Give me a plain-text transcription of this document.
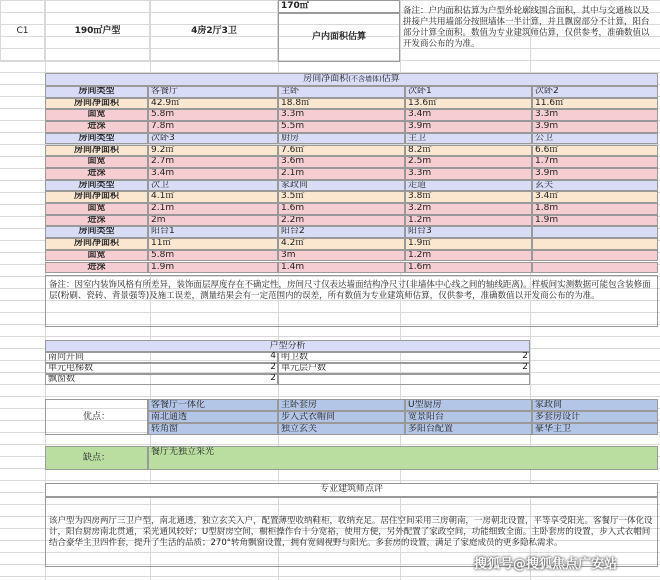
C1	190㎡户型	4房2厅3卫
170㎡
户内面积估算
备注：户内面积估算为户型外轮廓线围合面积，其中与交通核以及拼接户共用墙部分按照墙体一半计算，并且飘窗部分不计算，阳台部分计算全面积。数值为专业建筑师估算，仅供参考，准确数值以开发商公布的为准。
房间净面积(不含墙体)估算
房间类型	客餐厅	主卧	次卧1	次卧2
房间净面积	42.9㎡	18.8㎡	13.6㎡	11.6㎡
面宽	5.8m	3.3m	3.4m	3.3m
进深	7.8m	5.5m	3.9m	3.9m
房间类型	次卧3	厨房	主卫	公卫
房间净面积	9.2㎡	7.6㎡	8.2㎡	6.6㎡
面宽	2.7m	3.6m	2.5m	1.7m
进深	3.4m	2.1m	3.3m	3.9m
房间类型	次卫	家政间	走道	玄关
房间净面积	4.1㎡	3.5㎡	3.8㎡	3.4㎡
面宽	2.1m	1.6m	3.2m	1.8m
进深	2m	2.2m	1.2m	1.9m
房间类型	阳台1	阳台2	阳台3
房间净面积	11㎡	4.2㎡	1.9㎡
面宽	5.8m	3m	1.2m
进深	1.9m	1.4m	1.6m
备注：因室内装饰风格有所差异，装饰面层厚度存在不确定性，房间尺寸仅表达墙面结构净尺寸(非墙体中心线之间的轴线距离)。样板间实测数据可能包含装修面层(粉刷、瓷砖、背景强等)及施工误差，测量结果会有一定范围内的误差，所有数值为专业建筑师估算，仅供参考，准确数值以开发商公布的为准。
户型分析
南向开间	4 明卫数	2
单元电梯数	2 单元层户数	2
飘窗数	2
优点：
客餐厅一体化	主卧套房	U型厨房	家政间
南北通透	步入式衣帽间	宽景阳台	多套房设计
转角窗	独立玄关	多阳台配置	豪华主卫
缺点：
餐厅无独立采光
专业建筑师点评
该户型为四房两厅三卫户型，南北通透，独立玄关入户，配置薄型收纳鞋柜，收纳充足。居住空间采用三房朝南，一房朝北设置，平等享受阳光。客餐厅一体化设计，阳台厨房南北贯通，采光通风较好；U型厨房空间，橱柜操作台十分宽裕，使用方便，另外配置了家政空间，功能细致全面。主卧套房的设置，步入式衣帽间结合豪华主卫四件套，提升了生活的品质；270°转角飘窗设置，拥有宽阔视野与阳光。多套房的设置，满足了家庭成员的更多隐私需求。
搜狐号@搜狐焦点广安站
